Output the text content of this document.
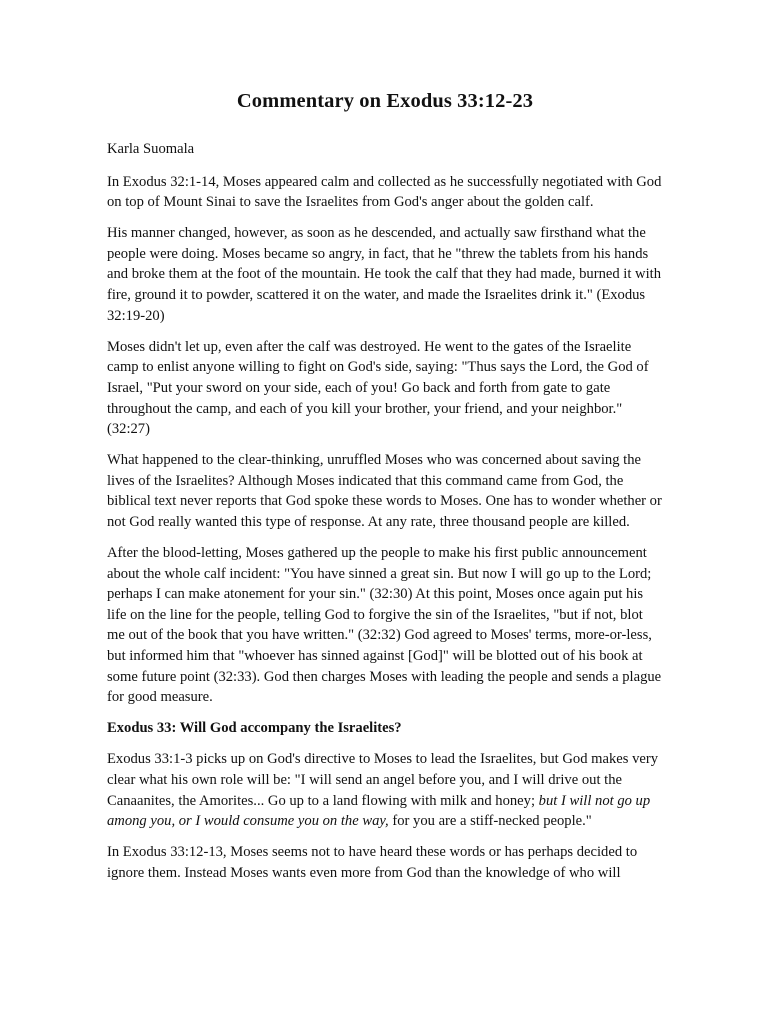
Commentary on Exodus 33:12-23

Karla Suomala

In Exodus 32:1-14, Moses appeared calm and collected as he successfully negotiated with God on top of Mount Sinai to save the Israelites from God's anger about the golden calf.

His manner changed, however, as soon as he descended, and actually saw firsthand what the people were doing. Moses became so angry, in fact, that he "threw the tablets from his hands and broke them at the foot of the mountain. He took the calf that they had made, burned it with fire, ground it to powder, scattered it on the water, and made the Israelites drink it." (Exodus 32:19-20)

Moses didn't let up, even after the calf was destroyed. He went to the gates of the Israelite camp to enlist anyone willing to fight on God's side, saying: "Thus says the Lord, the God of Israel, "Put your sword on your side, each of you! Go back and forth from gate to gate throughout the camp, and each of you kill your brother, your friend, and your neighbor." (32:27)

What happened to the clear-thinking, unruffled Moses who was concerned about saving the lives of the Israelites? Although Moses indicated that this command came from God, the biblical text never reports that God spoke these words to Moses. One has to wonder whether or not God really wanted this type of response. At any rate, three thousand people are killed.

After the blood-letting, Moses gathered up the people to make his first public announcement about the whole calf incident: "You have sinned a great sin. But now I will go up to the Lord; perhaps I can make atonement for your sin." (32:30) At this point, Moses once again put his life on the line for the people, telling God to forgive the sin of the Israelites, "but if not, blot me out of the book that you have written." (32:32) God agreed to Moses' terms, more-or-less, but informed him that "whoever has sinned against [God]" will be blotted out of his book at some future point (32:33). God then charges Moses with leading the people and sends a plague for good measure.

Exodus 33: Will God accompany the Israelites?

Exodus 33:1-3 picks up on God's directive to Moses to lead the Israelites, but God makes very clear what his own role will be: "I will send an angel before you, and I will drive out the Canaanites, the Amorites... Go up to a land flowing with milk and honey; but I will not go up among you, or I would consume you on the way, for you are a stiff-necked people."

In Exodus 33:12-13, Moses seems not to have heard these words or has perhaps decided to ignore them. Instead Moses wants even more from God than the knowledge of who will
